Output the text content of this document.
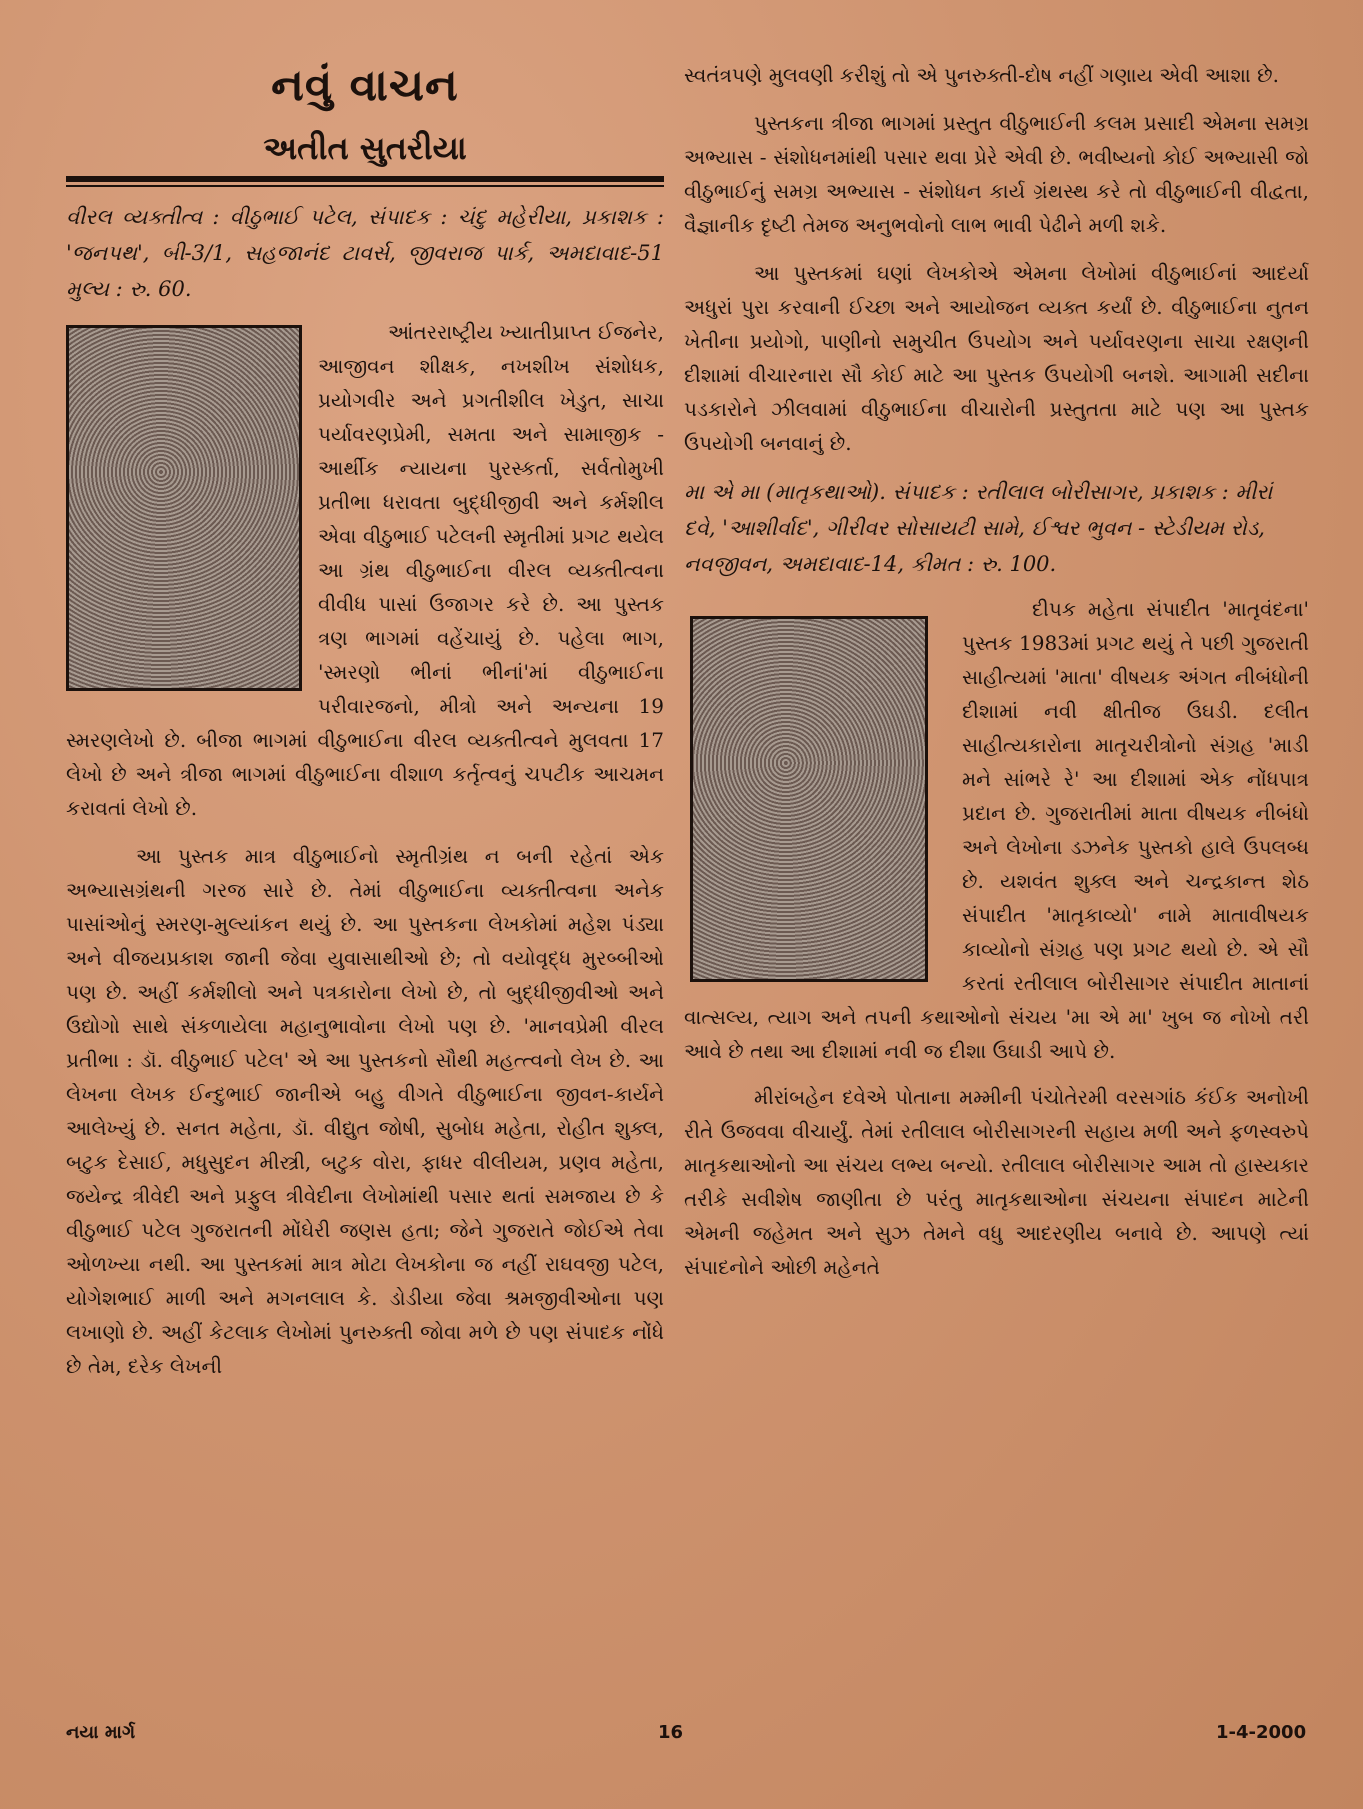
નવું વાચન
અતીત સુતરીયા
વીરલ વ્યક્તીત્વ : વીઠુભાઈ પટેલ, સંપાદક : ચંદુ મહેરીયા, પ્રકાશક : 'જનપથ', બી-3/1, સહજાનંદ ટાવર્સ, જીવરાજ પાર્ક, અમદાવાદ-51 મુલ્ય : રુ. 60.
આંતરરાષ્ટ્રીય ખ્યાતીપ્રાપ્ત ઈજનેર, આજીવન શીક્ષક, નખશીખ સંશોધક, પ્રયોગવીર અને પ્રગતીશીલ ખેડુત, સાચા પર્યાવરણપ્રેમી, સમતા અને સામાજીક - આર્થીક ન્યાયના પુરસ્કર્તા, સર્વતોમુખી પ્રતીભા ધરાવતા બુદ્ધીજીવી અને કર્મશીલ એવા વીઠુભાઈ પટેલની સ્મૃતીમાં પ્રગટ થયેલ આ ગ્રંથ વીઠુભાઈના વીરલ વ્યક્તીત્વના વીવીધ પાસાં ઉજાગર કરે છે. આ પુસ્તક ત્રણ ભાગમાં વહેંચાયું છે. પહેલા ભાગ, 'સ્મરણો ભીનાં ભીનાં'માં વીઠુભાઈના પરીવારજનો, મીત્રો અને અન્યના 19 સ્મરણલેખો છે. બીજા ભાગમાં વીઠુભાઈના વીરલ વ્યક્તીત્વને મુલવતા 17 લેખો છે અને ત્રીજા ભાગમાં વીઠુભાઈના વીશાળ કર્તૃત્વનું ચપટીક આચમન કરાવતાં લેખો છે.

આ પુસ્તક માત્ર વીઠુભાઈનો સ્મૃતીગ્રંથ ન બની રહેતાં એક અભ્યાસગ્રંથની ગરજ સારે છે. તેમાં વીઠુભાઈના વ્યક્તીત્વના અનેક પાસાંઓનું સ્મરણ-મુલ્યાંકન થયું છે. આ પુસ્તકના લેખકોમાં મહેશ પંડ્યા અને વીજયપ્રકાશ જાની જેવા યુવાસાથીઓ છે; તો વયોવૃદ્ધ મુરબ્બીઓ પણ છે. અહીં કર્મશીલો અને પત્રકારોના લેખો છે, તો બુદ્ધીજીવીઓ અને ઉદ્યોગો સાથે સંકળાયેલા મહાનુભાવોના લેખો પણ છે. 'માનવપ્રેમી વીરલ પ્રતીભા : ડૉ. વીઠુભાઈ પટેલ' એ આ પુસ્તકનો સૌથી મહત્ત્વનો લેખ છે. આ લેખના લેખક ઈન્દુભાઈ જાનીએ બહુ વીગતે વીઠુભાઈના જીવન-કાર્યને આલેખ્યું છે. સનત મહેતા, ડૉ. વીદ્યુત જોષી, સુબોધ મહેતા, રોહીત શુક્લ, બટુક દેસાઈ, મધુસુદન મીસ્ત્રી, બટુક વોરા, ફાધર વીલીયમ, પ્રણવ મહેતા, જયેન્દ્ર ત્રીવેદી અને પ્રફુલ ત્રીવેદીના લેખોમાંથી પસાર થતાં સમજાય છે કે વીઠુભાઈ પટેલ ગુજરાતની મોંઘેરી જણસ હતા; જેને ગુજરાતે જોઈએ તેવા ઓળખ્યા નથી. આ પુસ્તકમાં માત્ર મોટા લેખકોના જ નહીં રાઘવજી પટેલ, યોગેશભાઈ માળી અને મગનલાલ કે. ડોડીયા જેવા શ્રમજીવીઓના પણ લખાણો છે. અહીં કેટલાક લેખોમાં પુનરુક્તી જોવા મળે છે પણ સંપાદક નોંધે છે તેમ, દરેક લેખની

સ્વતંત્રપણે મુલવણી કરીશું તો એ પુનરુક્તી-દોષ નહીં ગણાય એવી આશા છે.

પુસ્તકના ત્રીજા ભાગમાં પ્રસ્તુત વીઠુભાઈની કલમ પ્રસાદી એમના સમગ્ર અભ્યાસ - સંશોધનમાંથી પસાર થવા પ્રેરે એવી છે. ભવીષ્યનો કોઈ અભ્યાસી જો વીઠુભાઈનું સમગ્ર અભ્યાસ - સંશોધન કાર્ય ગ્રંથસ્થ કરે તો વીઠુભાઈની વીદ્વતા, વૈજ્ઞાનીક દૃષ્ટી તેમજ અનુભવોનો લાભ ભાવી પેઢીને મળી શકે.

આ પુસ્તકમાં ઘણાં લેખકોએ એમના લેખોમાં વીઠુભાઈનાં આદર્યા અધુરાં પુરા કરવાની ઈચ્છા અને આયોજન વ્યક્ત કર્યાં છે. વીઠુભાઈના નુતન ખેતીના પ્રયોગો, પાણીનો સમુચીત ઉપયોગ અને પર્યાવરણના સાચા રક્ષણની દીશામાં વીચારનારા સૌ કોઈ માટે આ પુસ્તક ઉપયોગી બનશે. આગામી સદીના પડકારોને ઝીલવામાં વીઠુભાઈના વીચારોની પ્રસ્તુતતા માટે પણ આ પુસ્તક ઉપયોગી બનવાનું છે.

મા એ મા (માતૃકથાઓ). સંપાદક : રતીલાલ બોરીસાગર, પ્રકાશક : મીરાં દવે, 'આશીર્વાદ', ગીરીવર સોસાયટી સામે, ઈશ્વર ભુવન - સ્ટેડીયમ રોડ, નવજીવન, અમદાવાદ-14, કીમત : રુ. 100.
દીપક મહેતા સંપાદીત 'માતૃવંદના' પુસ્તક 1983માં પ્રગટ થયું તે પછી ગુજરાતી સાહીત્યમાં 'માતા' વીષયક અંગત નીબંધોની દીશામાં નવી ક્ષીતીજ ઉઘડી. દલીત સાહીત્યકારોના માતૃચરીત્રોનો સંગ્રહ 'માડી મને સાંભરે રે' આ દીશામાં એક નોંધપાત્ર પ્રદાન છે. ગુજરાતીમાં માતા વીષયક નીબંધો અને લેખોના ડઝનેક પુસ્તકો હાલે ઉપલબ્ધ છે. યશવંત શુક્લ અને ચન્દ્રકાન્ત શેઠ સંપાદીત 'માતૃકાવ્યો' નામે માતાવીષયક કાવ્યોનો સંગ્રહ પણ પ્રગટ થયો છે. એ સૌ કરતાં રતીલાલ બોરીસાગર સંપાદીત માતાનાં વાત્સલ્ય, ત્યાગ અને તપની કથાઓનો સંચય 'મા એ મા' ખુબ જ નોખો તરી આવે છે તથા આ દીશામાં નવી જ દીશા ઉઘાડી આપે છે.

મીરાંબહેન દવેએ પોતાના મમ્મીની પંચોતેરમી વરસગાંઠ કંઈક અનોખી રીતે ઉજવવા વીચાર્યું. તેમાં રતીલાલ બોરીસાગરની સહાય મળી અને ફળસ્વરુપે માતૃકથાઓનો આ સંચય લભ્ય બન્યો. રતીલાલ બોરીસાગર આમ તો હાસ્યકાર તરીકે સવીશેષ જાણીતા છે પરંતુ માતૃકથાઓના સંચયના સંપાદન માટેની એમની જહેમત અને સુઝ તેમને વધુ આદરણીય બનાવે છે. આપણે ત્યાં સંપાદનોને ઓછી મહેનતે

નયા માર્ગ	16	1-4-2000
